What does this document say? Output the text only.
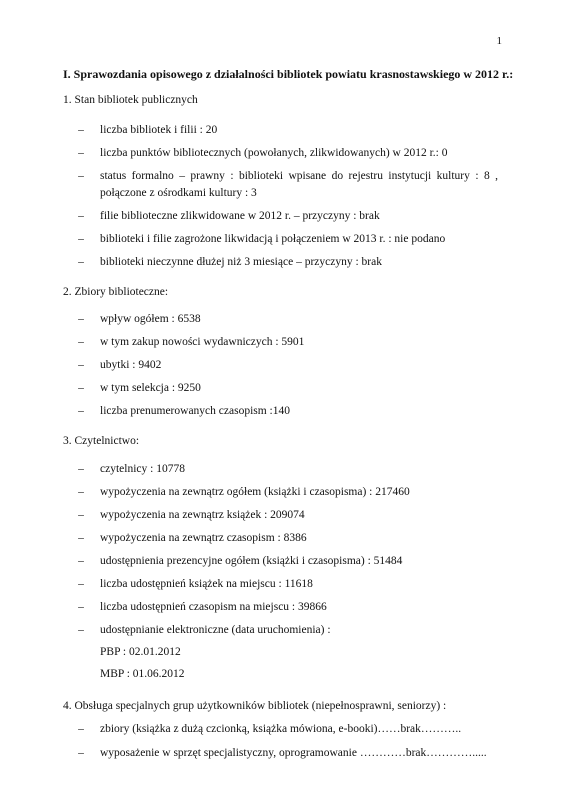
1
I. Sprawozdania opisowego z działalności bibliotek powiatu krasnostawskiego w 2012 r.:
1. Stan bibliotek publicznych
– liczba bibliotek i filii : 20
– liczba punktów bibliotecznych (powołanych, zlikwidowanych) w 2012 r.: 0
– status formalno – prawny : biblioteki wpisane do rejestru instytucji kultury : 8 ,
połączone z ośrodkami kultury : 3
– filie biblioteczne zlikwidowane w 2012 r. – przyczyny : brak
– biblioteki i filie zagrożone likwidacją i połączeniem w 2013 r. : nie podano
– biblioteki nieczynne dłużej niż 3 miesiące – przyczyny : brak
2. Zbiory biblioteczne:
– wpływ ogółem : 6538
– w tym zakup nowości wydawniczych : 5901
– ubytki : 9402
– w tym selekcja : 9250
– liczba prenumerowanych czasopism :140
3. Czytelnictwo:
– czytelnicy : 10778
– wypożyczenia na zewnątrz ogółem (książki i czasopisma) : 217460
– wypożyczenia na zewnątrz książek : 209074
– wypożyczenia na zewnątrz czasopism : 8386
– udostępnienia prezencyjne ogółem (książki i czasopisma) : 51484
– liczba udostępnień książek na miejscu : 11618
– liczba udostępnień czasopism na miejscu : 39866
– udostępnianie elektroniczne (data uruchomienia) :
PBP : 02.01.2012
MBP : 01.06.2012
4. Obsługa specjalnych grup użytkowników bibliotek (niepełnosprawni, seniorzy) :
– zbiory (książka z dużą czcionką, książka mówiona, e-booki)……brak………..
– wyposażenie w sprzęt specjalistyczny, oprogramowanie …………brak………….....
